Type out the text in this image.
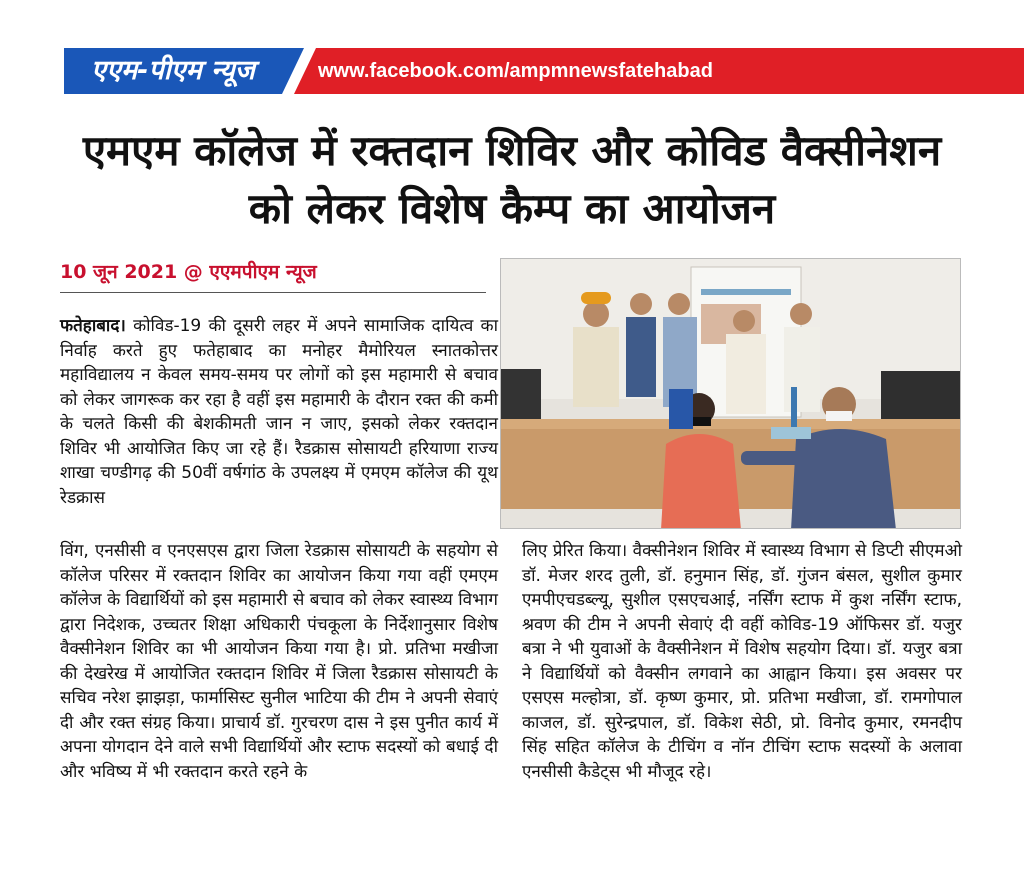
एएम-पीएम न्यूज	www.facebook.com/ampmnewsfatehabad
एमएम कॉलेज में रक्तदान शिविर और कोविड वैक्सीनेशन
को लेकर विशेष कैम्प का आयोजन
10 जून 2021 @ एएमपीएम न्यूज
फतेहाबाद। कोविड-19 की दूसरी लहर में अपने सामाजिक दायित्व का निर्वाह करते हुए फतेहाबाद का मनोहर मैमोरियल स्नातकोत्तर महाविद्यालय न केवल समय-समय पर लोगों को इस महामारी से बचाव को लेकर जागरूक कर रहा है वहीं इस महामारी के दौरान रक्त की कमी के चलते किसी की बेशकीमती जान न जाए, इसको लेकर रक्तदान शिविर भी आयोजित किए जा रहे हैं। रैडक्रास सोसायटी हरियाणा राज्य शाखा चण्डीगढ़ की 50वीं वर्षगांठ के उपलक्ष्य में एमएम कॉलेज की यूथ रेडक्रास
विंग, एनसीसी व एनएसएस द्वारा जिला रेडक्रास सोसायटी के सहयोग से कॉलेज परिसर में रक्तदान शिविर का आयोजन किया गया वहीं एमएम कॉलेज के विद्यार्थियों को इस महामारी से बचाव को लेकर स्वास्थ्य विभाग द्वारा निदेशक, उच्चतर शिक्षा अधिकारी पंचकूला के निर्देशानुसार विशेष वैक्सीनेशन शिविर का भी आयोजन किया गया है। प्रो. प्रतिभा मखीजा की देखरेख में आयोजित रक्तदान शिविर में जिला रैडक्रास सोसायटी के सचिव नरेश झाझड़ा, फार्मासिस्ट सुनील भाटिया की टीम ने अपनी सेवाएं दी और रक्त संग्रह किया। प्राचार्य डॉ. गुरचरण दास ने इस पुनीत कार्य में अपना योगदान देने वाले सभी विद्यार्थियों और स्टाफ सदस्यों को बधाई दी और भविष्य में भी रक्तदान करते रहने के
लिए प्रेरित किया। वैक्सीनेशन शिविर में स्वास्थ्य विभाग से डिप्टी सीएमओ डॉ. मेजर शरद तुली, डॉ. हनुमान सिंह, डॉ. गुंजन बंसल, सुशील कुमार एमपीएचडब्ल्यू, सुशील एसएचआई, नर्सिंग स्टाफ में कुश नर्सिंग स्टाफ, श्रवण की टीम ने अपनी सेवाएं दी वहीं कोविड-19 ऑफिसर डॉ. यजुर बत्रा ने भी युवाओं के वैक्सीनेशन में विशेष सहयोग दिया। डॉ. यजुर बत्रा ने विद्यार्थियों को वैक्सीन लगवाने का आह्वान किया। इस अवसर पर एसएस मल्होत्रा, डॉ. कृष्ण कुमार, प्रो. प्रतिभा मखीजा, डॉ. रामगोपाल काजल, डॉ. सुरेन्द्रपाल, डॉ. विकेश सेठी, प्रो. विनोद कुमार, रमनदीप सिंह सहित कॉलेज के टीचिंग व नॉन टीचिंग स्टाफ सदस्यों के अलावा एनसीसी कैडेट्स भी मौजूद रहे।
